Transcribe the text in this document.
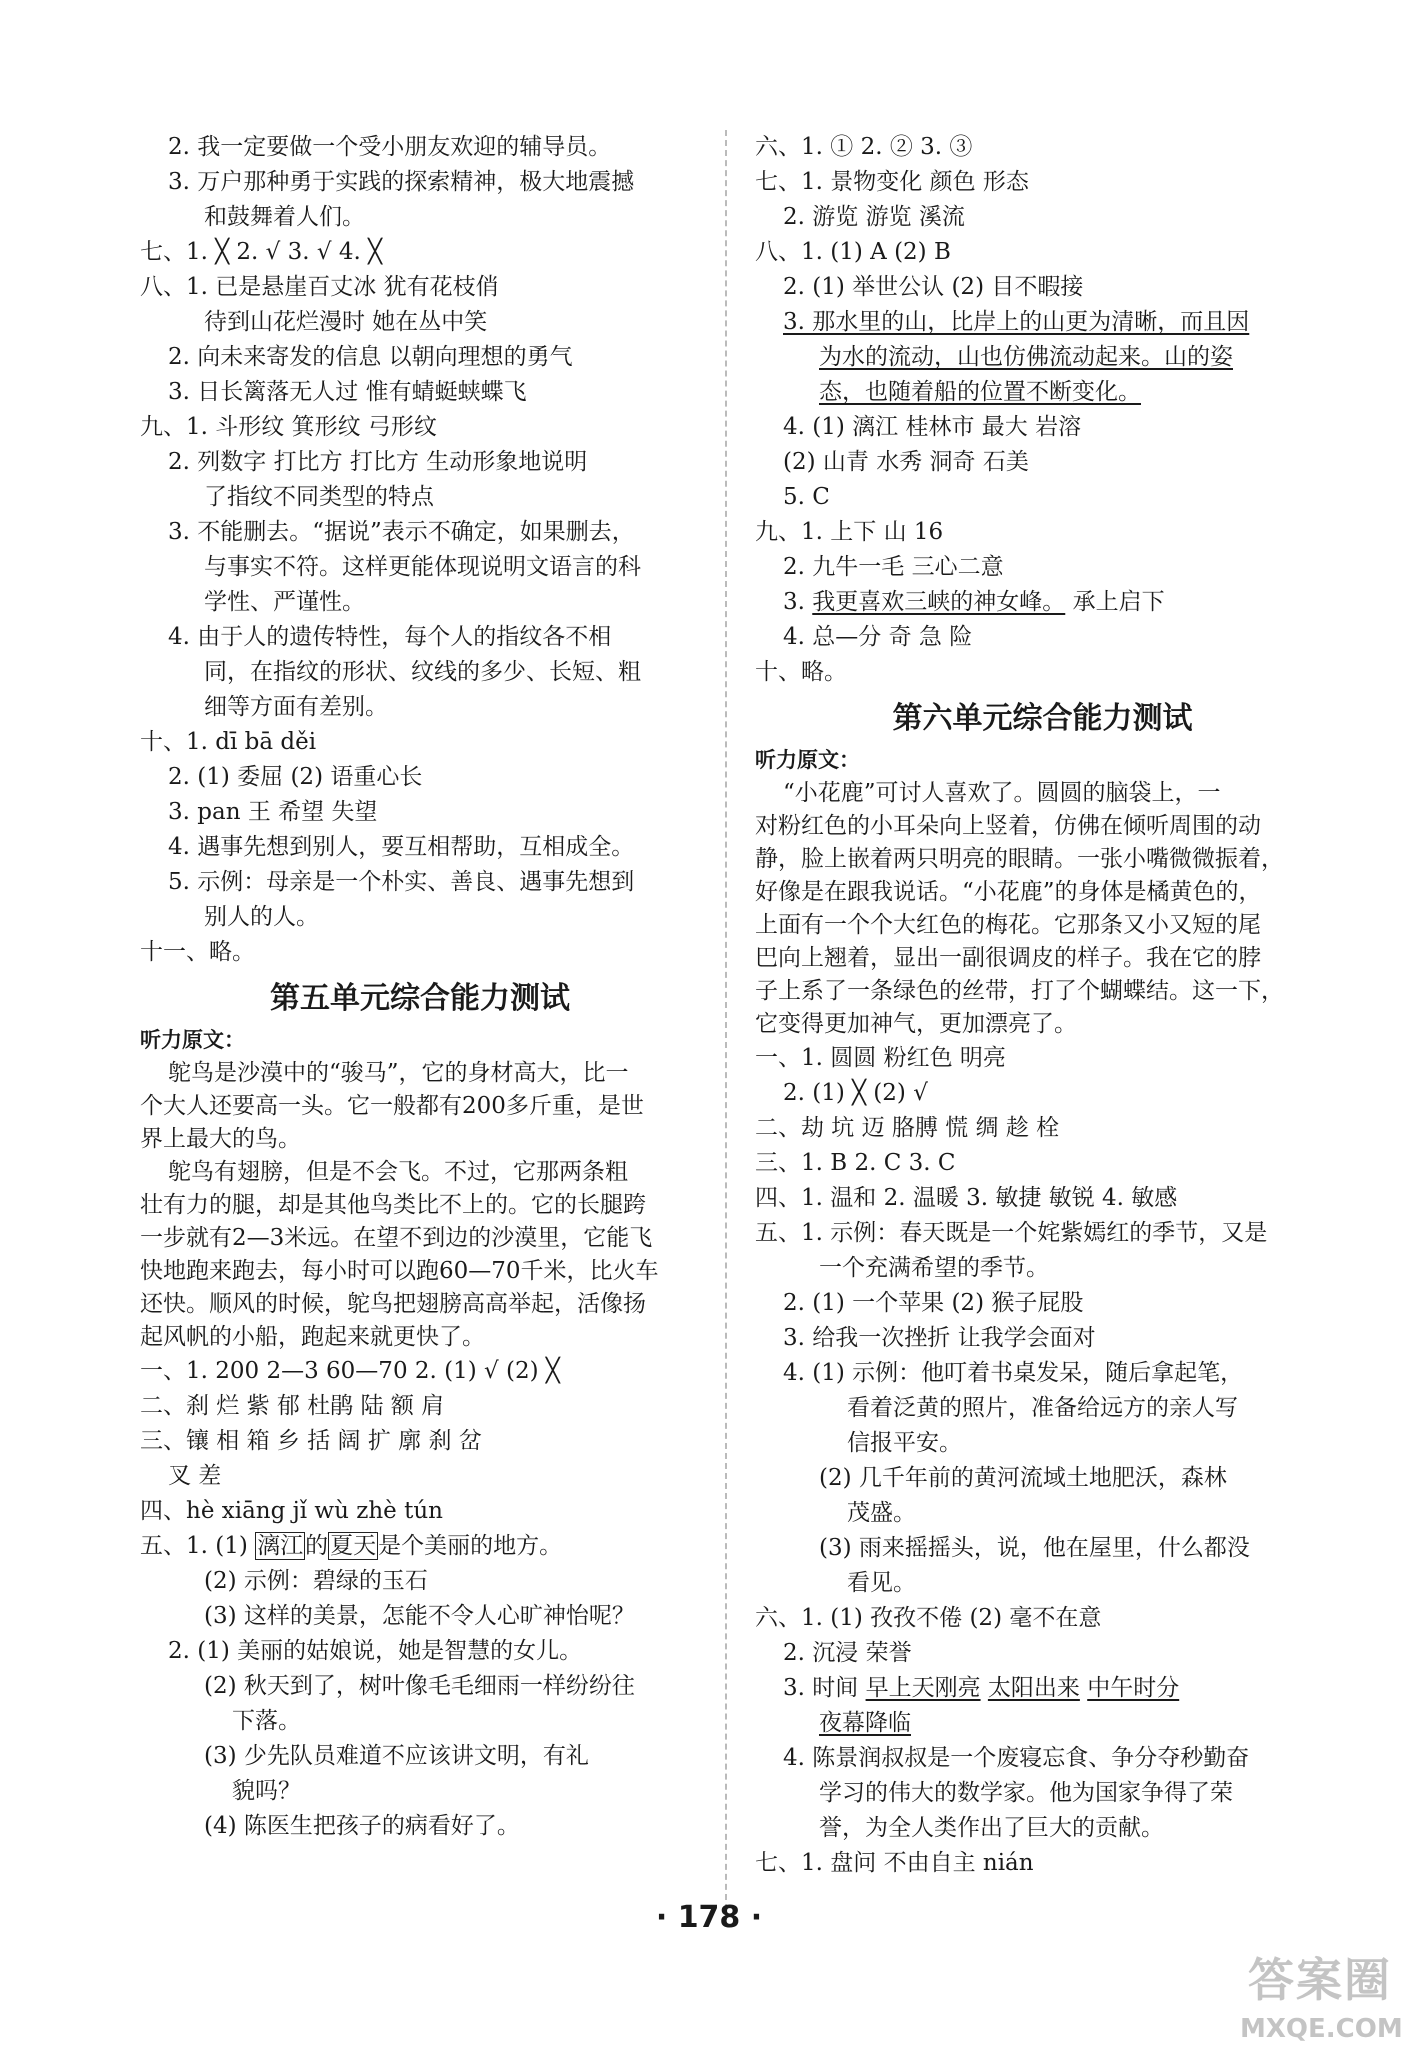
2. 我一定要做一个受小朋友欢迎的辅导员。
3. 万户那种勇于实践的探索精神，极大地震撼
和鼓舞着人们。
七、1. ╳ 2. √ 3. √ 4. ╳
八、1. 已是悬崖百丈冰 犹有花枝俏
待到山花烂漫时 她在丛中笑
2. 向未来寄发的信息 以朝向理想的勇气
3. 日长篱落无人过 惟有蜻蜓蛱蝶飞
九、1. 斗形纹 箕形纹 弓形纹
2. 列数字 打比方 打比方 生动形象地说明
了指纹不同类型的特点
3. 不能删去。“据说”表示不确定，如果删去，
与事实不符。这样更能体现说明文语言的科
学性、严谨性。
4. 由于人的遗传特性，每个人的指纹各不相
同，在指纹的形状、纹线的多少、长短、粗
细等方面有差别。
十、1. dī bā děi
2. (1) 委屈 (2) 语重心长
3. pan 王 希望 失望
4. 遇事先想到别人，要互相帮助，互相成全。
5. 示例：母亲是一个朴实、善良、遇事先想到
别人的人。
十一、略。
第五单元综合能力测试
听力原文：
鸵鸟是沙漠中的“骏马”，它的身材高大，比一
个大人还要高一头。它一般都有200多斤重，是世
界上最大的鸟。
鸵鸟有翅膀，但是不会飞。不过，它那两条粗
壮有力的腿，却是其他鸟类比不上的。它的长腿跨
一步就有2—3米远。在望不到边的沙漠里，它能飞
快地跑来跑去，每小时可以跑60—70千米，比火车
还快。顺风的时候，鸵鸟把翅膀高高举起，活像扬
起风帆的小船，跑起来就更快了。
一、1. 200 2—3 60—70 2. (1) √ (2) ╳
二、刹 烂 紫 郁 杜鹃 陆 额 肩
三、镶 相 箱 乡 括 阔 扩 廓 刹 岔
叉 差
四、hè xiāng jǐ wù zhè tún
五、1. (1) 漓江的夏天是个美丽的地方。
(2) 示例：碧绿的玉石
(3) 这样的美景，怎能不令人心旷神怡呢？
2. (1) 美丽的姑娘说，她是智慧的女儿。
(2) 秋天到了，树叶像毛毛细雨一样纷纷往
下落。
(3) 少先队员难道不应该讲文明，有礼
貌吗？
(4) 陈医生把孩子的病看好了。
六、1. ① 2. ② 3. ③
七、1. 景物变化 颜色 形态
2. 游览 游览 溪流
八、1. (1) A (2) B
2. (1) 举世公认 (2) 目不暇接
3. 那水里的山，比岸上的山更为清晰，而且因
为水的流动，山也仿佛流动起来。山的姿
态，也随着船的位置不断变化。
4. (1) 漓江 桂林市 最大 岩溶
(2) 山青 水秀 洞奇 石美
5. C
九、1. 上下 山 16
2. 九牛一毛 三心二意
3. 我更喜欢三峡的神女峰。 承上启下
4. 总—分 奇 急 险
十、略。
第六单元综合能力测试
听力原文：
“小花鹿”可讨人喜欢了。圆圆的脑袋上，一
对粉红色的小耳朵向上竖着，仿佛在倾听周围的动
静，脸上嵌着两只明亮的眼睛。一张小嘴微微振着，
好像是在跟我说话。“小花鹿”的身体是橘黄色的，
上面有一个个大红色的梅花。它那条又小又短的尾
巴向上翘着，显出一副很调皮的样子。我在它的脖
子上系了一条绿色的丝带，打了个蝴蝶结。这一下，
它变得更加神气，更加漂亮了。
一、1. 圆圆 粉红色 明亮
2. (1) ╳ (2) √
二、劫 坑 迈 胳膊 慌 绸 趁 栓
三、1. B 2. C 3. C
四、1. 温和 2. 温暖 3. 敏捷 敏锐 4. 敏感
五、1. 示例：春天既是一个姹紫嫣红的季节，又是
一个充满希望的季节。
2. (1) 一个苹果 (2) 猴子屁股
3. 给我一次挫折 让我学会面对
4. (1) 示例：他叮着书桌发呆，随后拿起笔，
看着泛黄的照片，准备给远方的亲人写
信报平安。
(2) 几千年前的黄河流域土地肥沃，森林
茂盛。
(3) 雨来摇摇头，说，他在屋里，什么都没
看见。
六、1. (1) 孜孜不倦 (2) 毫不在意
2. 沉浸 荣誉
3. 时间 早上天刚亮 太阳出来 中午时分
夜幕降临
4. 陈景润叔叔是一个废寝忘食、争分夺秒勤奋
学习的伟大的数学家。他为国家争得了荣
誉，为全人类作出了巨大的贡献。
七、1. 盘问 不由自主 nián
· 178 ·
答案圈
MXQE.COM
